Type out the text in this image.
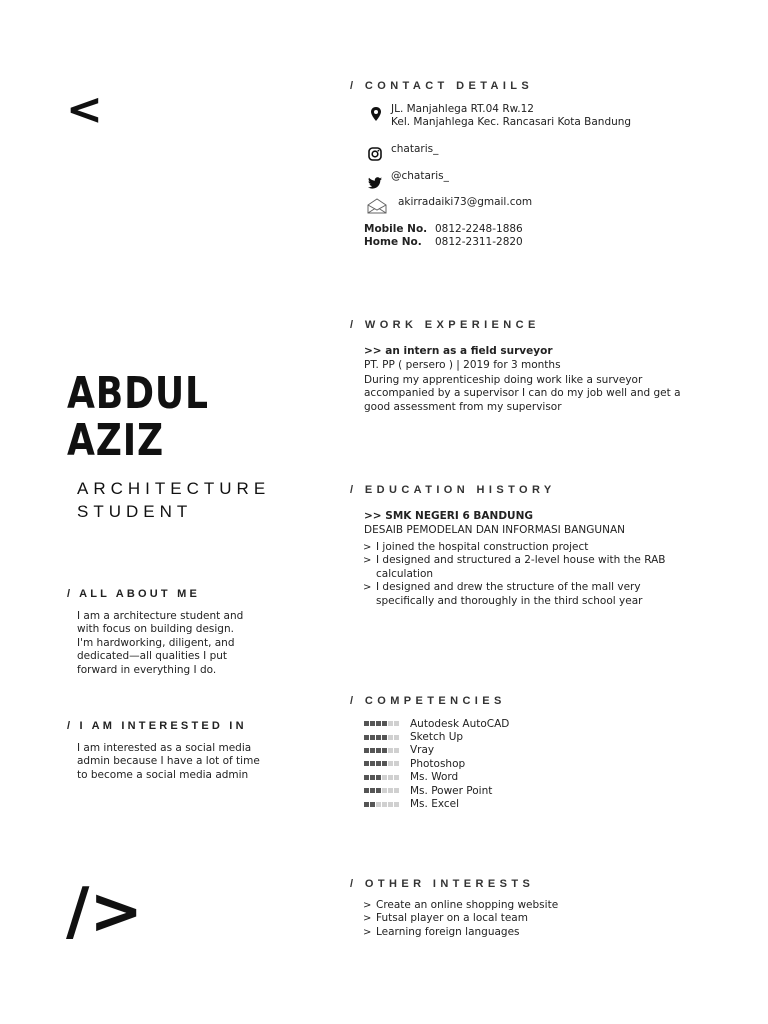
<
/>
ABDUL
AZIZ
ARCHITECTURE
STUDENT
/ ALL ABOUT ME
I am a architecture student and
with focus on building design.
I'm hardworking, diligent, and
dedicated—all qualities I put
forward in everything I do.
/ I AM INTERESTED IN
I am interested as a social media
admin because I have a lot of time
to become a social media admin
/ CONTACT DETAILS
JL. Manjahlega RT.04 Rw.12
Kel. Manjahlega Kec. Rancasari Kota Bandung
chataris_
@chataris_
akirradaiki73@gmail.com
Mobile No. 0812-2248-1886
Home No. 0812-2311-2820
/ WORK EXPERIENCE
>> an intern as a field surveyor
PT. PP ( persero ) | 2019 for 3 months
During my apprenticeship doing work like a surveyor
accompanied by a supervisor I can do my job well and get a
good assessment from my supervisor
/ EDUCATION HISTORY
>> SMK NEGERI 6 BANDUNG
DESAIB PEMODELAN DAN INFORMASI BANGUNAN
> I joined the hospital construction project
> I designed and structured a 2-level house with the RAB
calculation
> I designed and drew the structure of the mall very
specifically and thoroughly in the third school year
/ COMPETENCIES
Autodesk AutoCAD
Sketch Up
Vray
Photoshop
Ms. Word
Ms. Power Point
Ms. Excel
/ OTHER INTERESTS
> Create an online shopping website
> Futsal player on a local team
> Learning foreign languages
